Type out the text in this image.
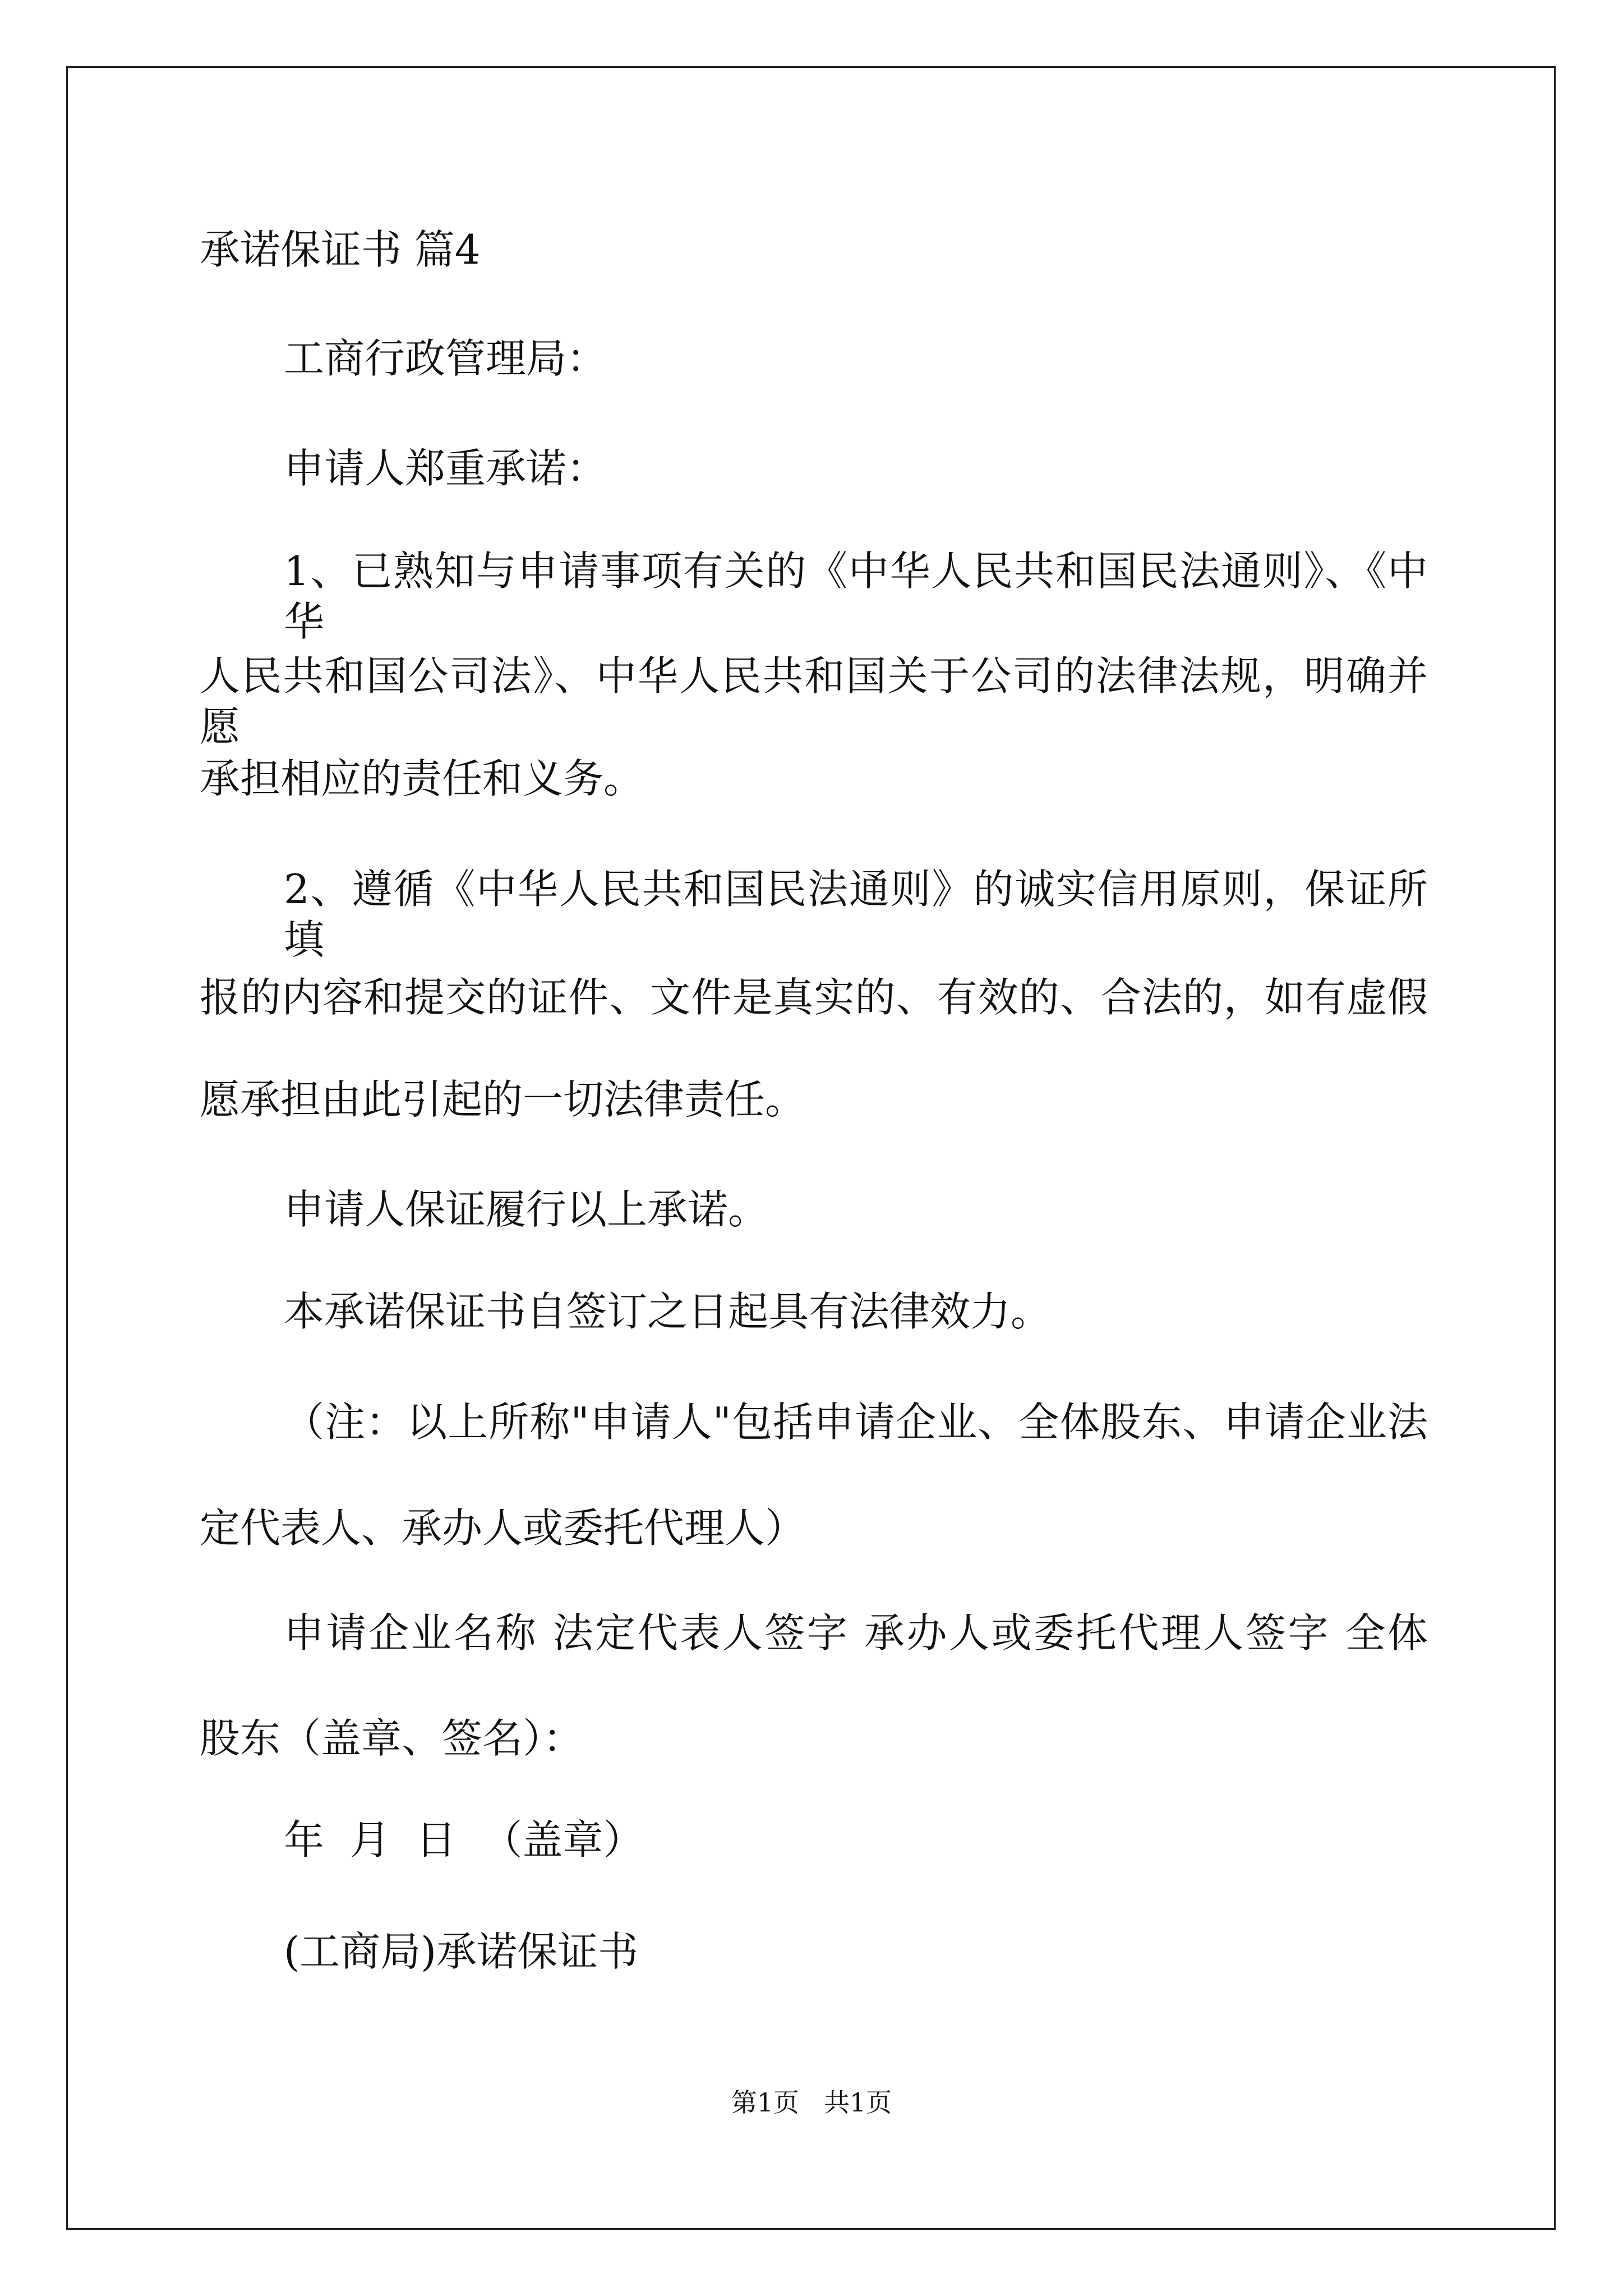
承诺保证书 篇4
工商行政管理局：
申请人郑重承诺：
1、已熟知与申请事项有关的《中华人民共和国民法通则》、《中华
人民共和国公司法》、中华人民共和国关于公司的法律法规，明确并愿
承担相应的责任和义务。
2、遵循《中华人民共和国民法通则》的诚实信用原则，保证所填
报的内容和提交的证件、文件是真实的、有效的、合法的，如有虚假
愿承担由此引起的一切法律责任。
申请人保证履行以上承诺。
本承诺保证书自签订之日起具有法律效力。
（注：以上所称"申请人"包括申请企业、全体股东、申请企业法
定代表人、承办人或委托代理人）
申请企业名称 法定代表人签字 承办人或委托代理人签字 全体
股东（盖章、签名）：
年  月  日  （盖章）
(工商局)承诺保证书
第1页 共1页
